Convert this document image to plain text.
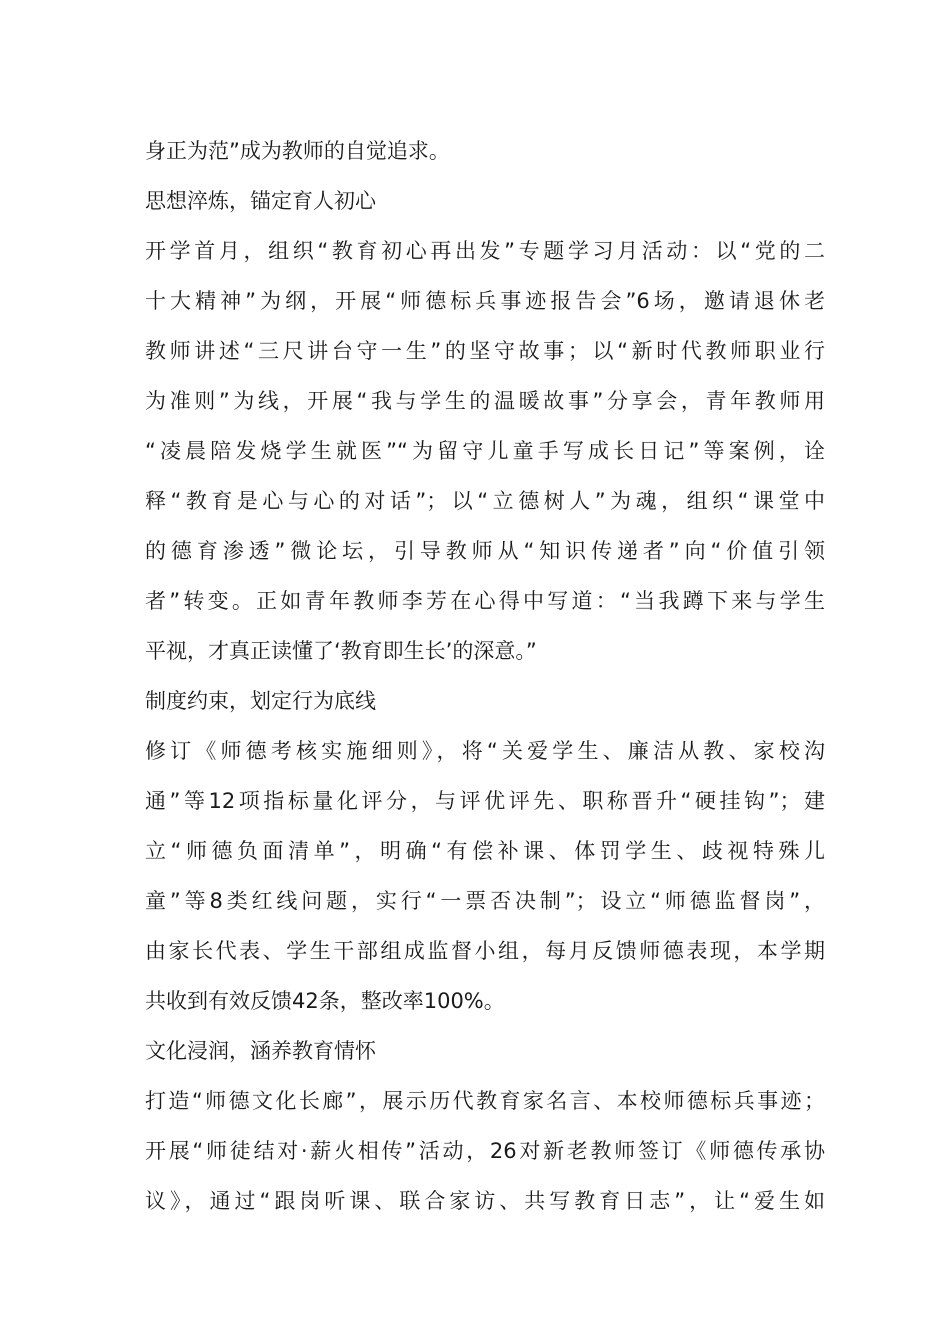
身正为范”成为教师的自觉追求。
思想淬炼，锚定育人初心
开学首月，组织“教育初心再出发”专题学习月活动：以“党的二
十大精神”为纲，开展“师德标兵事迹报告会”6场，邀请退休老
教师讲述“三尺讲台守一生”的坚守故事；以“新时代教师职业行
为准则”为线，开展“我与学生的温暖故事”分享会，青年教师用
“凌晨陪发烧学生就医”“为留守儿童手写成长日记”等案例，诠
释“教育是心与心的对话”；以“立德树人”为魂，组织“课堂中
的德育渗透”微论坛，引导教师从“知识传递者”向“价值引领
者”转变。正如青年教师李芳在心得中写道：“当我蹲下来与学生
平视，才真正读懂了‘教育即生长’的深意。”
制度约束，划定行为底线
修订《师德考核实施细则》，将“关爱学生、廉洁从教、家校沟
通”等12项指标量化评分，与评优评先、职称晋升“硬挂钩”；建
立“师德负面清单”，明确“有偿补课、体罚学生、歧视特殊儿
童”等8类红线问题，实行“一票否决制”；设立“师德监督岗”，
由家长代表、学生干部组成监督小组，每月反馈师德表现，本学期
共收到有效反馈42条，整改率100%。
文化浸润，涵养教育情怀
打造“师德文化长廊”，展示历代教育家名言、本校师德标兵事迹；
开展“师徒结对·薪火相传”活动，26对新老教师签订《师德传承协
议》，通过“跟岗听课、联合家访、共写教育日志”，让“爱生如
